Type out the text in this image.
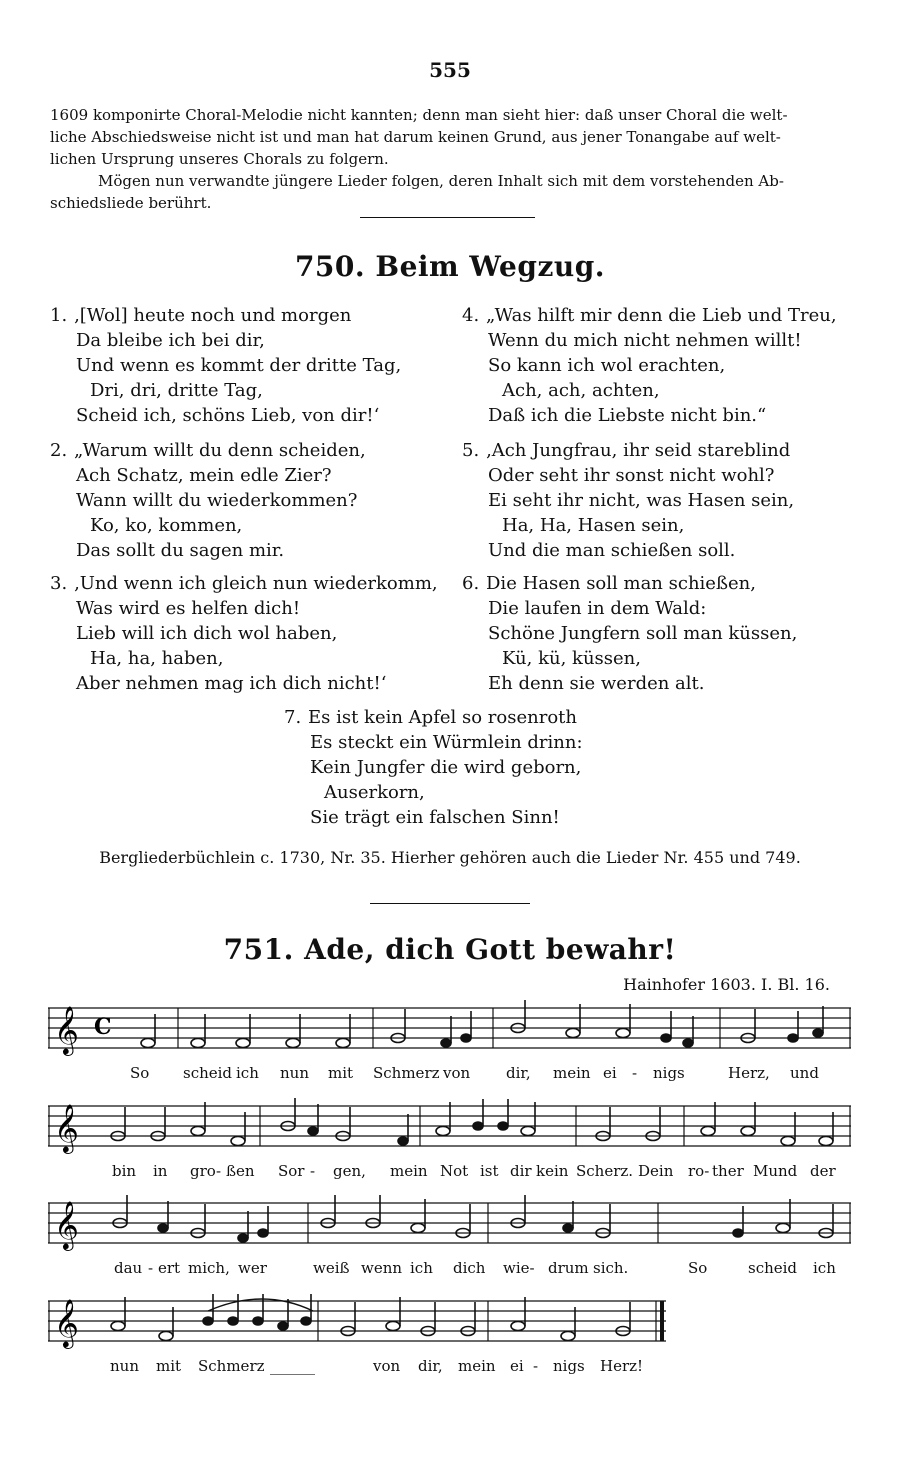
555
1609 komponirte Choral-Melodie nicht kannten; denn man sieht hier: daß unser Choral die welt-
liche Abschiedsweise nicht ist und man hat darum keinen Grund, aus jener Tonangabe auf welt-
lichen Ursprung unseres Chorals zu folgern.
Mögen nun verwandte jüngere Lieder folgen, deren Inhalt sich mit dem vorstehenden Ab-
schiedsliede berührt.
750. Beim Wegzug.
1. ‚[Wol] heute noch und morgen
Da bleibe ich bei dir,
Und wenn es kommt der dritte Tag,
Dri, dri, dritte Tag,
Scheid ich, schöns Lieb, von dir!‘
2. „Warum willt du denn scheiden,
Ach Schatz, mein edle Zier?
Wann willt du wiederkommen?
Ko, ko, kommen,
Das sollt du sagen mir.
3. ‚Und wenn ich gleich nun wiederkomm,
Was wird es helfen dich!
Lieb will ich dich wol haben,
Ha, ha, haben,
Aber nehmen mag ich dich nicht!‘
4. „Was hilft mir denn die Lieb und Treu,
Wenn du mich nicht nehmen willt!
So kann ich wol erachten,
Ach, ach, achten,
Daß ich die Liebste nicht bin.“
5. ‚Ach Jungfrau, ihr seid stareblind
Oder seht ihr sonst nicht wohl?
Ei seht ihr nicht, was Hasen sein,
Ha, Ha, Hasen sein,
Und die man schießen soll.
6. Die Hasen soll man schießen,
Die laufen in dem Wald:
Schöne Jungfern soll man küssen,
Kü, kü, küssen,
Eh denn sie werden alt.
7. Es ist kein Apfel so rosenroth
Es steckt ein Würmlein drinn:
Kein Jungfer die wird geborn,
Auserkorn,
Sie trägt ein falschen Sinn!
Bergliederbüchlein c. 1730, Nr. 35. Hierher gehören auch die Lieder Nr. 455 und 749.
751. Ade, dich Gott bewahr!
Hainhofer 1603. I. Bl. 16.
𝄞 C
So scheid ich nun mit Schmerz von dir, mein ei - nigs	Herz, und
𝄞
bin in gro - ßen Sor - gen, mein Not ist dir kein Scherz. Dein ro- ther Mund der
𝄞
dau - ert mich, wer	weiß wenn ich dich wie- drum sich.	So	scheid ich
𝄞
nun mit Schmerz ______	von dir, mein ei - nigs Herz!
